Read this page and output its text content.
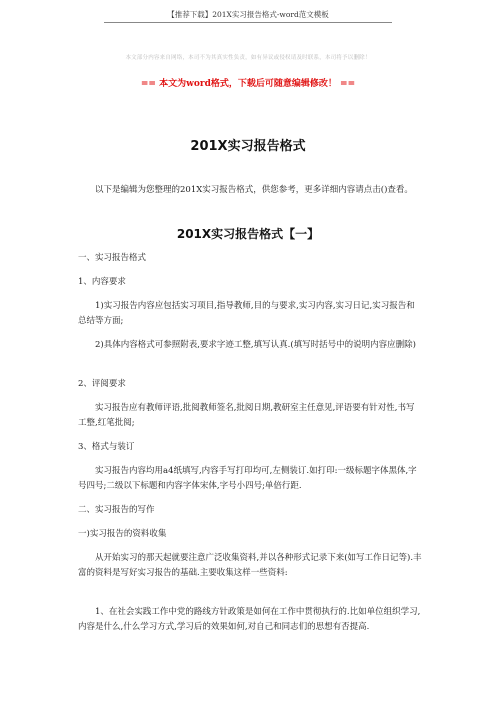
【推荐下载】201X实习报告格式-word范文模板
本文部分内容来自网络，本司不为其真实性负责，如有异议或侵权请及时联系，本司将予以删除！
== 本文为word格式，下载后可随意编辑修改！ ==
201X实习报告格式
以下是编辑为您整理的201X实习报告格式，供您参考，更多详细内容请点击()查看。
201X实习报告格式【一】
一、实习报告格式
1、内容要求
1)实习报告内容应包括实习项目,指导教师,目的与要求,实习内容,实习日记,实习报告和总结等方面;
2)具体内容格式可参照附表,要求字迹工整,填写认真.(填写时括号中的说明内容应删除)
2、评阅要求
实习报告应有教师评语,批阅教师签名,批阅日期,教研室主任意见,评语要有针对性,书写工整,红笔批阅;
3、格式与装订
实习报告内容均用a4纸填写,内容手写打印均可,左侧装订.如打印:一级标题字体黑体,字号四号;二级以下标题和内容字体宋体,字号小四号;单倍行距.
二、实习报告的写作
一)实习报告的资料收集
从开始实习的那天起就要注意广泛收集资料,并以各种形式记录下来(如写工作日记等).丰富的资料是写好实习报告的基础.主要收集这样一些资料:
1、在社会实践工作中党的路线方针政策是如何在工作中贯彻执行的.比如单位组织学习,内容是什么,什么学习方式,学习后的效果如何,对自己和同志们的思想有否提高.
